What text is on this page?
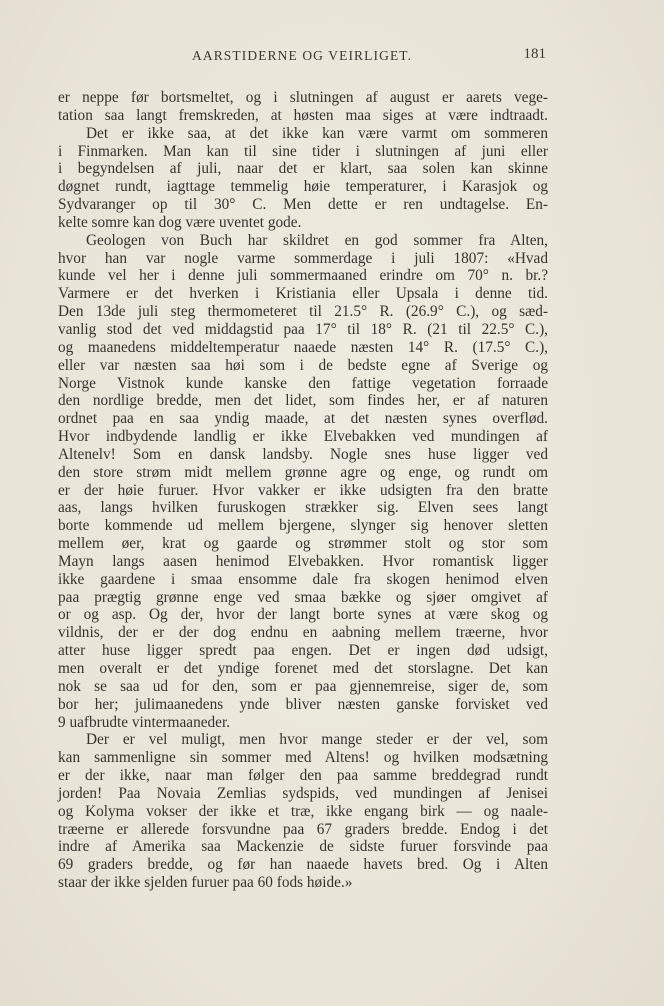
AARSTIDERNE OG VEIRLIGET.	181
er neppe før bortsmeltet, og i slutningen af august er aarets vege-
tation saa langt fremskreden, at høsten maa siges at være indtraadt.
Det er ikke saa, at det ikke kan være varmt om sommeren
i Finmarken. Man kan til sine tider i slutningen af juni eller
i begyndelsen af juli, naar det er klart, saa solen kan skinne
døgnet rundt, iagttage temmelig høie temperaturer, i Karasjok og
Sydvaranger op til 30° C. Men dette er ren undtagelse. En-
kelte somre kan dog være uventet gode.
Geologen von Buch har skildret en god sommer fra Alten,
hvor han var nogle varme sommerdage i juli 1807: «Hvad
kunde vel her i denne juli sommermaaned erindre om 70° n. br.?
Varmere er det hverken i Kristiania eller Upsala i denne tid.
Den 13de juli steg thermometeret til 21.5° R. (26.9° C.), og sæd-
vanlig stod det ved middagstid paa 17° til 18° R. (21 til 22.5° C.),
og maanedens middeltemperatur naaede næsten 14° R. (17.5° C.),
eller var næsten saa høi som i de bedste egne af Sverige og
Norge Vistnok kunde kanske den fattige vegetation forraade
den nordlige bredde, men det lidet, som findes her, er af naturen
ordnet paa en saa yndig maade, at det næsten synes overflød.
Hvor indbydende landlig er ikke Elvebakken ved mundingen af
Altenelv! Som en dansk landsby. Nogle snes huse ligger ved
den store strøm midt mellem grønne agre og enge, og rundt om
er der høie furuer. Hvor vakker er ikke udsigten fra den bratte
aas, langs hvilken furuskogen strækker sig. Elven sees langt
borte kommende ud mellem bjergene, slynger sig henover sletten
mellem øer, krat og gaarde og strømmer stolt og stor som
Mayn langs aasen henimod Elvebakken. Hvor romantisk ligger
ikke gaardene i smaa ensomme dale fra skogen henimod elven
paa prægtig grønne enge ved smaa bække og sjøer omgivet af
or og asp. Og der, hvor der langt borte synes at være skog og
vildnis, der er der dog endnu en aabning mellem træerne, hvor
atter huse ligger spredt paa engen. Det er ingen død udsigt,
men overalt er det yndige forenet med det storslagne. Det kan
nok se saa ud for den, som er paa gjennemreise, siger de, som
bor her; julimaanedens ynde bliver næsten ganske forvisket ved
9 uafbrudte vintermaaneder.
Der er vel muligt, men hvor mange steder er der vel, som
kan sammenligne sin sommer med Altens! og hvilken modsætning
er der ikke, naar man følger den paa samme breddegrad rundt
jorden! Paa Novaia Zemlias sydspids, ved mundingen af Jenisei
og Kolyma vokser der ikke et træ, ikke engang birk — og naale-
træerne er allerede forsvundne paa 67 graders bredde. Endog i det
indre af Amerika saa Mackenzie de sidste furuer forsvinde paa
69 graders bredde, og før han naaede havets bred. Og i Alten
staar der ikke sjelden furuer paa 60 fods høide.»
